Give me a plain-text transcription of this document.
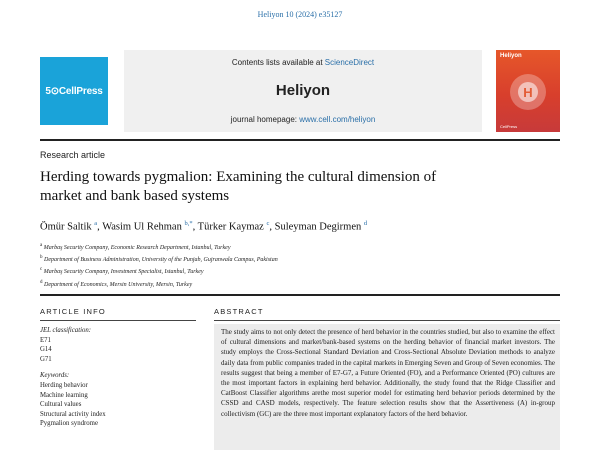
Heliyon 10 (2024) e35127
5⊙CellPress
Contents lists available at ScienceDirect
Heliyon
journal homepage: www.cell.com/heliyon
Heliyon
H
CellPress
Research article
Herding towards pygmalion: Examining the cultural dimension of
market and bank based systems
Ömür Saltik $^a$, Wasim Ul Rehman $^{b,*}$, Türker Kaymaz $^c$, Suleyman Degirmen $^d$
$^a$ Marbaş Security Company, Economic Research Department, Istanbul, Turkey
$^b$ Department of Business Administration, University of the Punjab, Gujranwala Campus, Pakistan
$^c$ Marbaş Security Company, Investment Specialist, Istanbul, Turkey
$^d$ Department of Economics, Mersin University, Mersin, Turkey
ARTICLE INFO	ABSTRACT
JEL classification:
E71
G14
G71
Keywords:
Herding behavior
Machine learning
Cultural values
Structural activity index
Pygmalion syndrome
The study aims to not only detect the presence of herd behavior in the countries studied, but also to examine the effect of cultural dimensions and market/bank-based systems on the herding behavior of financial market investors. The study employs the Cross-Sectional Standard Deviation and Cross-Sectional Absolute Deviation methods to analyze daily data from public companies traded in the capital markets in Emerging Seven and Group of Seven economies. The results suggest that being a member of E7-G7, a Future Oriented (FO), and a Performance Oriented (PO) cultures are the most important factors in explaining herd behavior. Additionally, the study found that the Ridge Classifier and CatBoost Classifier algorithms arethe most superior model for estimating herd behavior periods determined by the CSSD and CASD models, respectively. The feature selection results show that the Assertiveness (A) in-group collectivism (GC) are the three most important explanatory factors of the herd behavior.
